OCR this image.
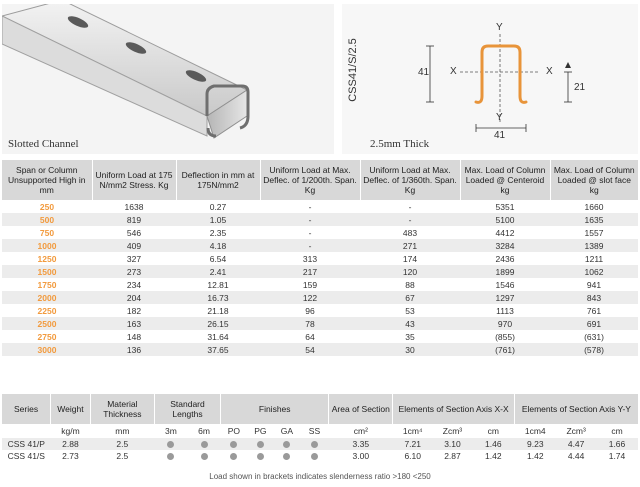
Slotted Channel
CSS41/S/2.5
Y
Y
X	X
41
41
21
2.5mm Thick
Span or Column Unsupported High in mm	Uniform Load at 175 N/mm2 Stress. Kg	Deflection in mm at 175N/mm2	Uniform Load at Max. Deflec. of 1/200th. Span. Kg	Uniform Load at Max. Deflec. of 1/360th. Span. Kg	Max. Load of Column Loaded @ Centeroid kg	Max. Load of Column Loaded @ slot face kg
250	1638	0.27	-	-	5351	1660
500	819	1.05	-	-	5100	1635
750	546	2.35	-	483	4412	1557
1000	409	4.18	-	271	3284	1389
1250	327	6.54	313	174	2436	1211
1500	273	2.41	217	120	1899	1062
1750	234	12.81	159	88	1546	941
2000	204	16.73	122	67	1297	843
2250	182	21.18	96	53	1113	761
2500	163	26.15	78	43	970	691
2750	148	31.64	64	35	(855)	(631)
3000	136	37.65	54	30	(761)	(578)
Series	Weight	Material Thickness	Standard Lengths		Finishes				Area of Section	Elements of Section Axis X-X			Elements of Section Axis Y-Y		
	kg/m	mm	3m	6m	PO	PG	GA	SS	cm²	1cm⁴	Zcm³	cm	1cm4	Zcm³	cm
CSS 41/P	2.88	2.5							3.35	7.21	3.10	1.46	9.23	4.47	1.66
CSS 41/S	2.73	2.5							3.00	6.10	2.87	1.42	1.42	4.44	1.74
Load shown in brackets indicates slenderness ratio >180 <250
